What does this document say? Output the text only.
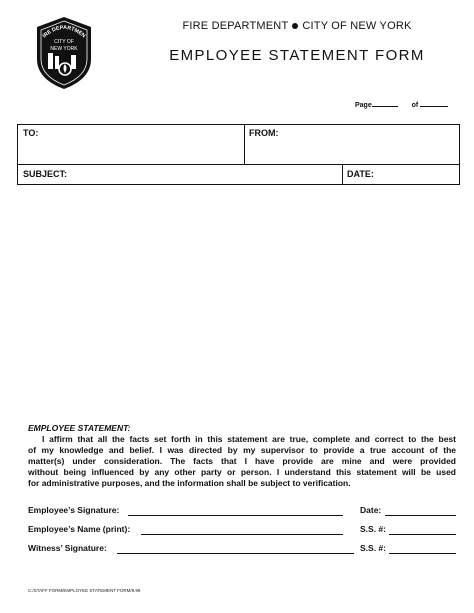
IRE DEPARTMEN
CITY OF
NEW YORK
FIRE DEPARTMENT CITY OF NEW YORK
EMPLOYEE STATEMENT FORM
Page	of
TO:	FROM:
SUBJECT:	DATE:
EMPLOYEE STATEMENT:
I affirm that all the facts set forth in this statement are true, complete and correct to the best
of my knowledge and belief. I was directed by my supervisor to provide a true account of the
matter(s) under consideration. The facts that I have provide are mine and were provided
without being influenced by any other party or person. I understand this statement will be used
for administrative purposes, and the information shall be subject to verification.
Employee’s Signature:	Date:
Employee’s Name (print):	S.S. #:
Witness’ Signature:	S.S. #:
C:/STAFF FORM/EMPLOYEE STATEMENT FORM/8.99
